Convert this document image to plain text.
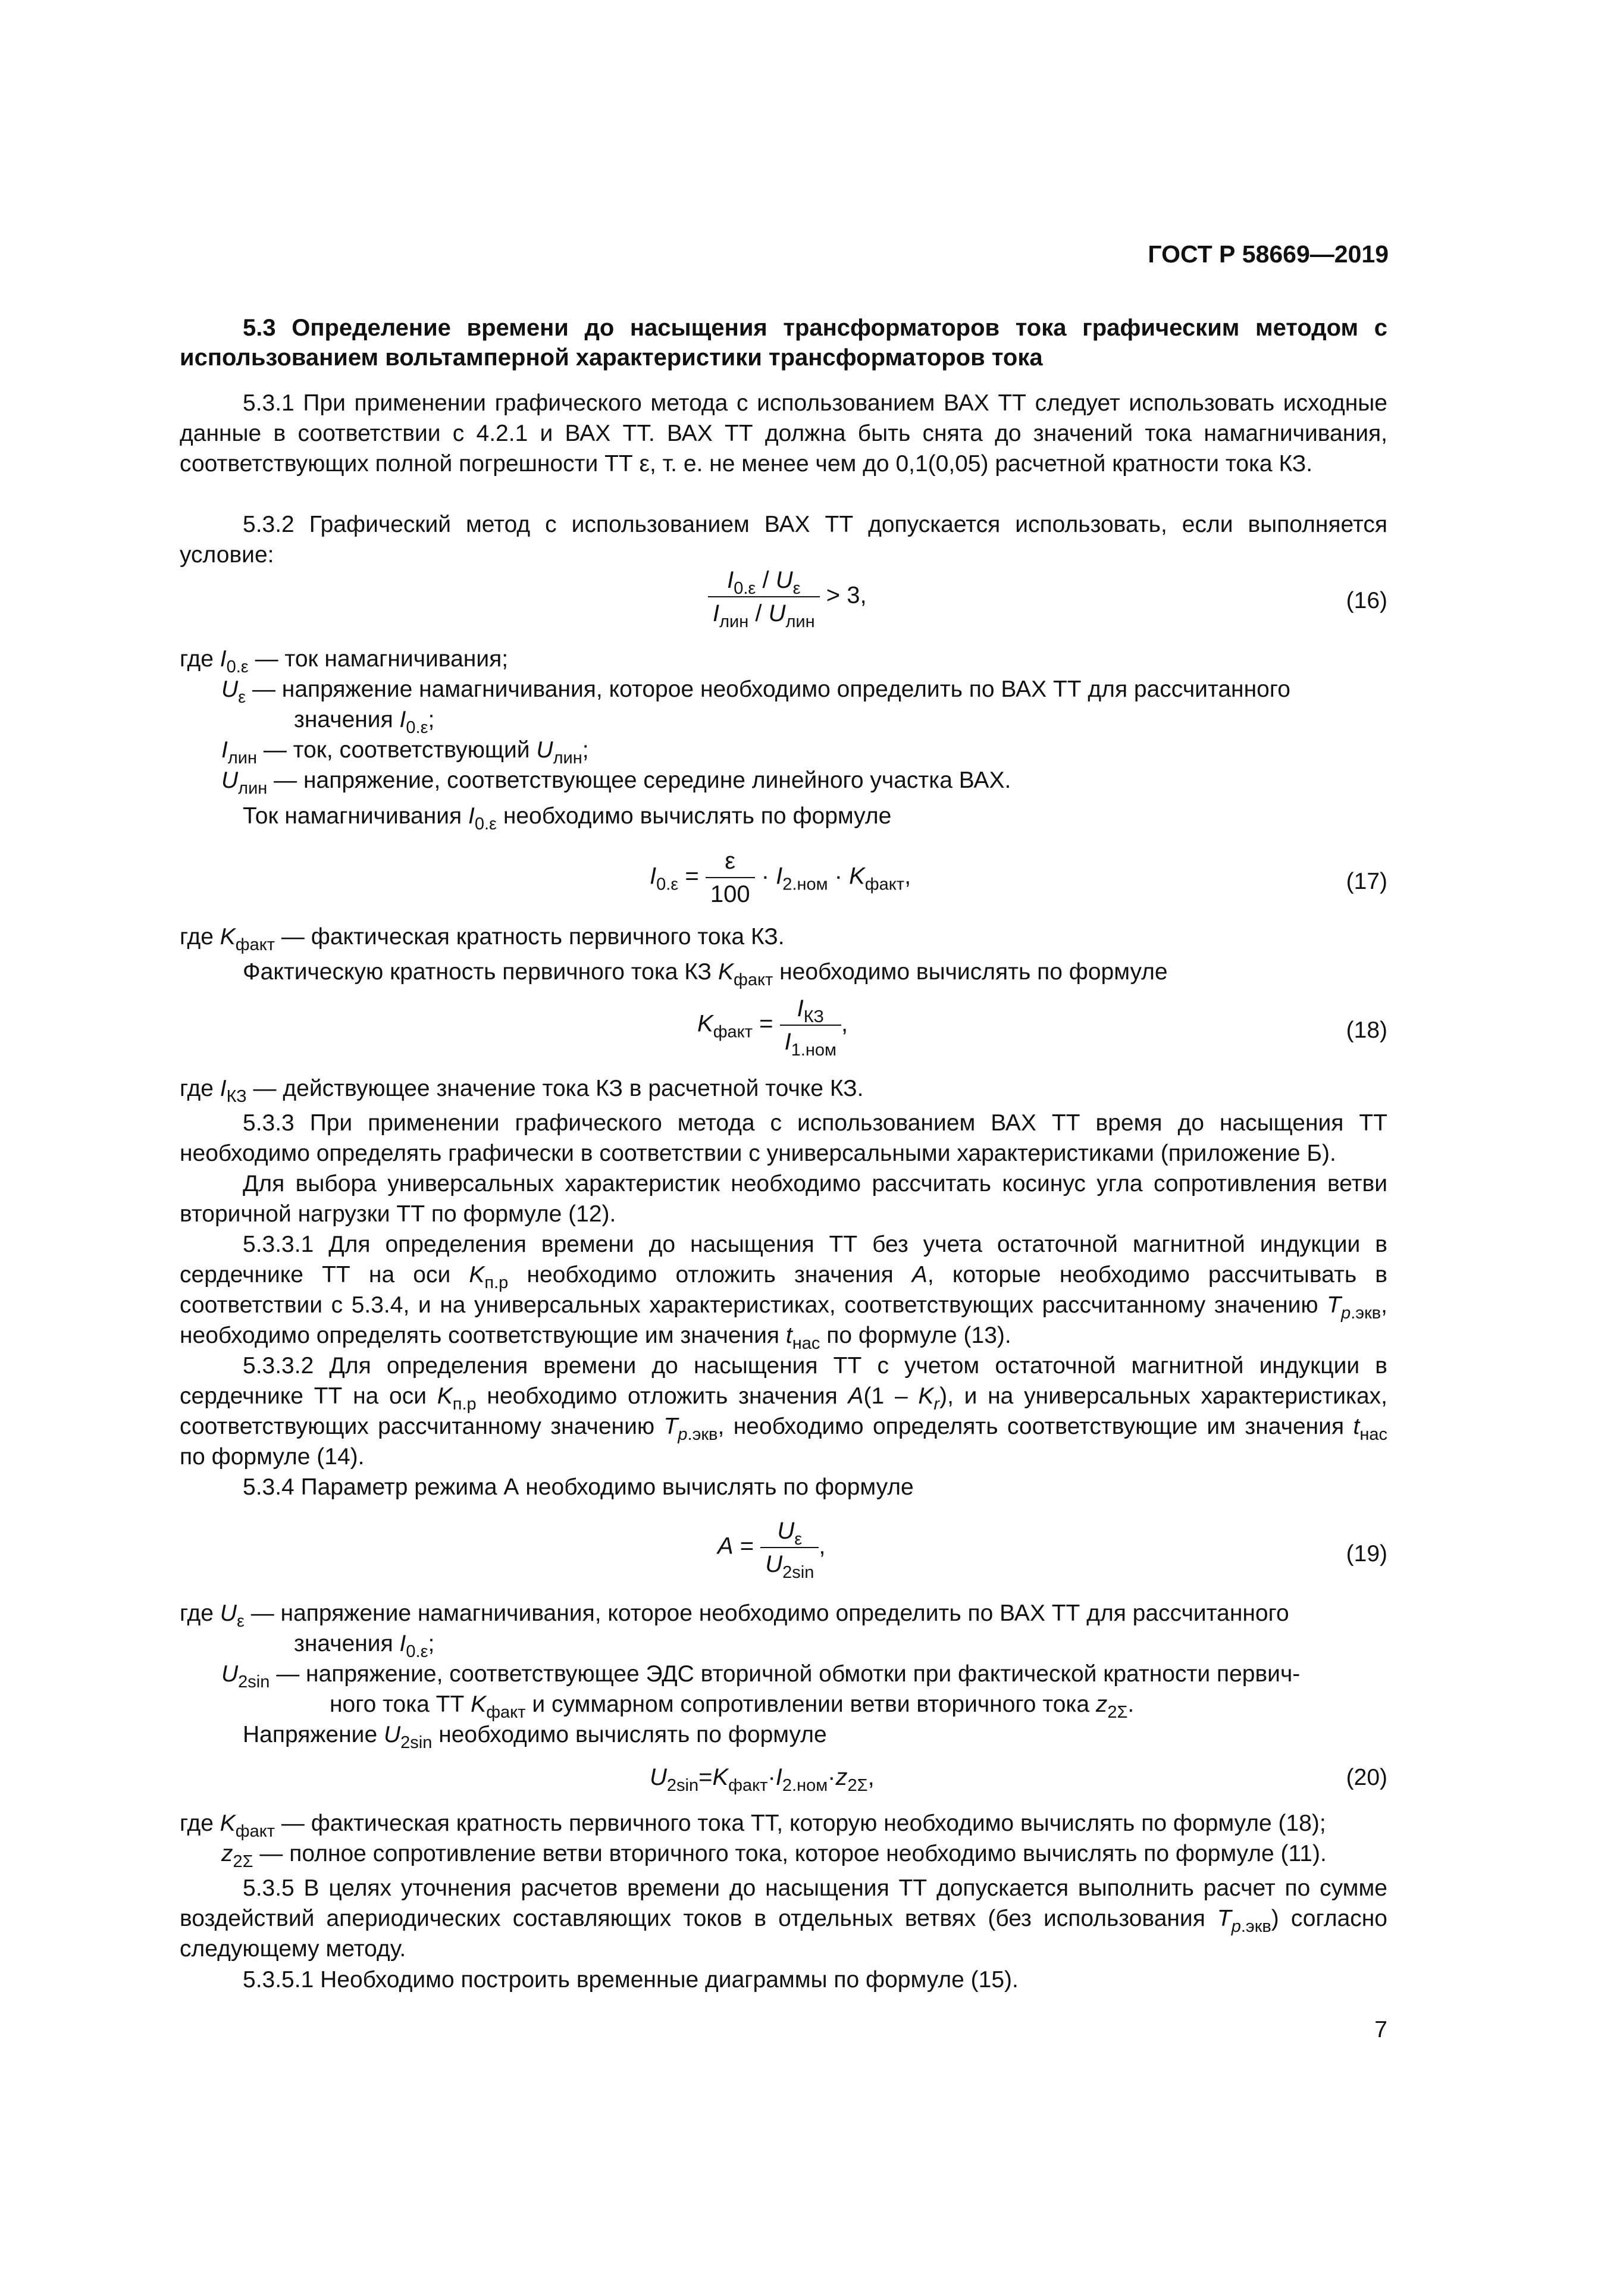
ГОСТ Р 58669—2019
5.3 Определение времени до насыщения трансформаторов тока графическим методом с использованием вольтамперной характеристики трансформаторов тока
5.3.1 При применении графического метода с использованием ВАХ ТТ следует использовать исходные данные в соответствии с 4.2.1 и ВАХ ТТ. ВАХ ТТ должна быть снята до значений тока намагничивания, соответствующих полной погрешности ТТ ε, т. е. не менее чем до 0,1(0,05) расчетной кратности тока КЗ.
5.3.2 Графический метод с использованием ВАХ ТТ допускается использовать, если выполняется условие:
$\frac{I_{0.\varepsilon} / U_\varepsilon}{I_{лин} / U_{лин}} > 3$,	(16)
где $I_{0.\varepsilon}$ — ток намагничивания;
$U_\varepsilon$ — напряжение намагничивания, которое необходимо определить по ВАХ ТТ для рассчитанного
значения $I_{0.\varepsilon}$;
$I_{лин}$ — ток, соответствующий $U_{лин}$;
$U_{лин}$ — напряжение, соответствующее середине линейного участка ВАХ.
Ток намагничивания $I_{0.\varepsilon}$ необходимо вычислять по формуле
$I_{0.\varepsilon} = \frac{\varepsilon}{100} \cdot I_{2.ном} \cdot K_{факт}$,	(17)
где $K_{факт}$ — фактическая кратность первичного тока КЗ.
Фактическую кратность первичного тока КЗ $K_{факт}$ необходимо вычислять по формуле
$K_{факт} = \frac{I_{КЗ}}{I_{1.ном}}$ ,	(18)
где $I_{КЗ}$ — действующее значение тока КЗ в расчетной точке КЗ.
5.3.3 При применении графического метода с использованием ВАХ ТТ время до насыщения ТТ необходимо определять графически в соответствии с универсальными характеристиками (приложение Б).
Для выбора универсальных характеристик необходимо рассчитать косинус угла сопротивления ветви вторичной нагрузки ТТ по формуле (12).
5.3.3.1 Для определения времени до насыщения ТТ без учета остаточной магнитной индукции в сердечнике ТТ на оси $K_{п.р}$ необходимо отложить значения A, которые необходимо рассчитывать в соответствии с 5.3.4, и на универсальных характеристиках, соответствующих рассчитанному значению $T_{p.экв}$, необходимо определять соответствующие им значения $t_{нас}$ по формуле (13).
5.3.3.2 Для определения времени до насыщения ТТ с учетом остаточной магнитной индукции в сердечнике ТТ на оси $K_{п.р}$ необходимо отложить значения $A(1 - K_r)$, и на универсальных характеристиках, соответствующих рассчитанному значению $T_{p.экв}$, необходимо определять соответствующие им значения $t_{нас}$ по формуле (14).
5.3.4 Параметр режима А необходимо вычислять по формуле
$A = \frac{U_\varepsilon}{U_{2sin}}$ ,	(19)
где $U_\varepsilon$ — напряжение намагничивания, которое необходимо определить по ВАХ ТТ для рассчитанного
значения $I_{0.\varepsilon}$;
$U_{2sin}$ — напряжение, соответствующее ЭДС вторичной обмотки при фактической кратности первич-
ного тока ТТ $K_{факт}$ и суммарном сопротивлении ветви вторичного тока $z_{2\Sigma}$.
Напряжение $U_{2sin}$ необходимо вычислять по формуле
$U_{2sin}=K_{факт}\cdot I_{2.ном}\cdot z_{2\Sigma}$,	(20)
где $K_{факт}$ — фактическая кратность первичного тока ТТ, которую необходимо вычислять по формуле (18);
$z_{2\Sigma}$ — полное сопротивление ветви вторичного тока, которое необходимо вычислять по формуле (11).
5.3.5 В целях уточнения расчетов времени до насыщения ТТ допускается выполнить расчет по сумме воздействий апериодических составляющих токов в отдельных ветвях (без использования $T_{p.экв}$) согласно следующему методу.
5.3.5.1 Необходимо построить временные диаграммы по формуле (15).
7
